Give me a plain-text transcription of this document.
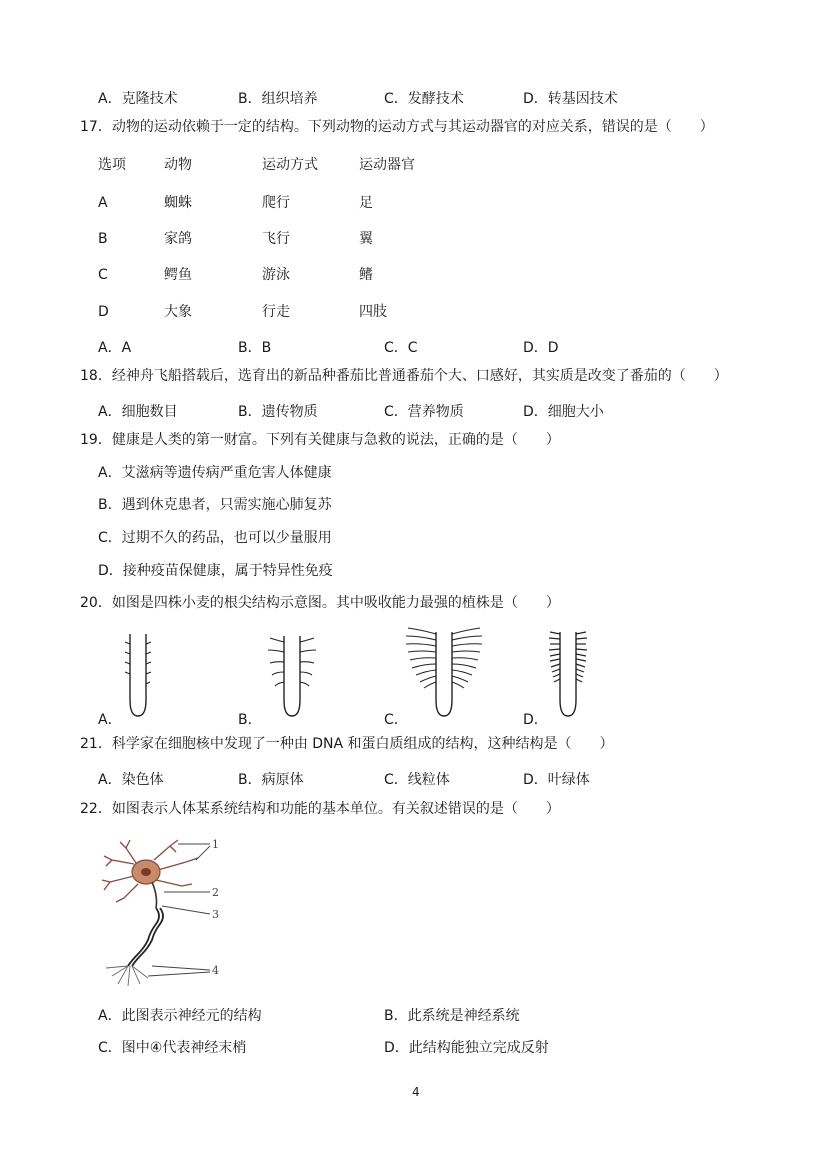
A．克隆技术	B．组织培养	C．发酵技术	D．转基因技术
17．动物的运动依赖于一定的结构。下列动物的运动方式与其运动器官的对应关系，错误的是（　　）
选项	动物	运动方式	运动器官
A	蜘蛛	爬行	足
B	家鸽	飞行	翼
C	鳄鱼	游泳	鳍
D	大象	行走	四肢
A．A	B．B	C．C	D．D
18．经神舟飞船搭载后，选育出的新品种番茄比普通番茄个大、口感好，其实质是改变了番茄的（　　）
A．细胞数目	B．遗传物质	C．营养物质	D．细胞大小
19．健康是人类的第一财富。下列有关健康与急救的说法，正确的是（　　）
A．艾滋病等遗传病严重危害人体健康
B．遇到休克患者，只需实施心肺复苏
C．过期不久的药品，也可以少量服用
D．接种疫苗保健康，属于特异性免疫
20．如图是四株小麦的根尖结构示意图。其中吸收能力最强的植株是（　　）
A．	B．	C．	D．
21．科学家在细胞核中发现了一种由 DNA 和蛋白质组成的结构，这种结构是（　　）
A．染色体	B．病原体	C．线粒体	D．叶绿体
22．如图表示人体某系统结构和功能的基本单位。有关叙述错误的是（　　）
1
2
3
4
A．此图表示神经元的结构	B．此系统是神经系统
C．图中④代表神经末梢	D．此结构能独立完成反射
4
